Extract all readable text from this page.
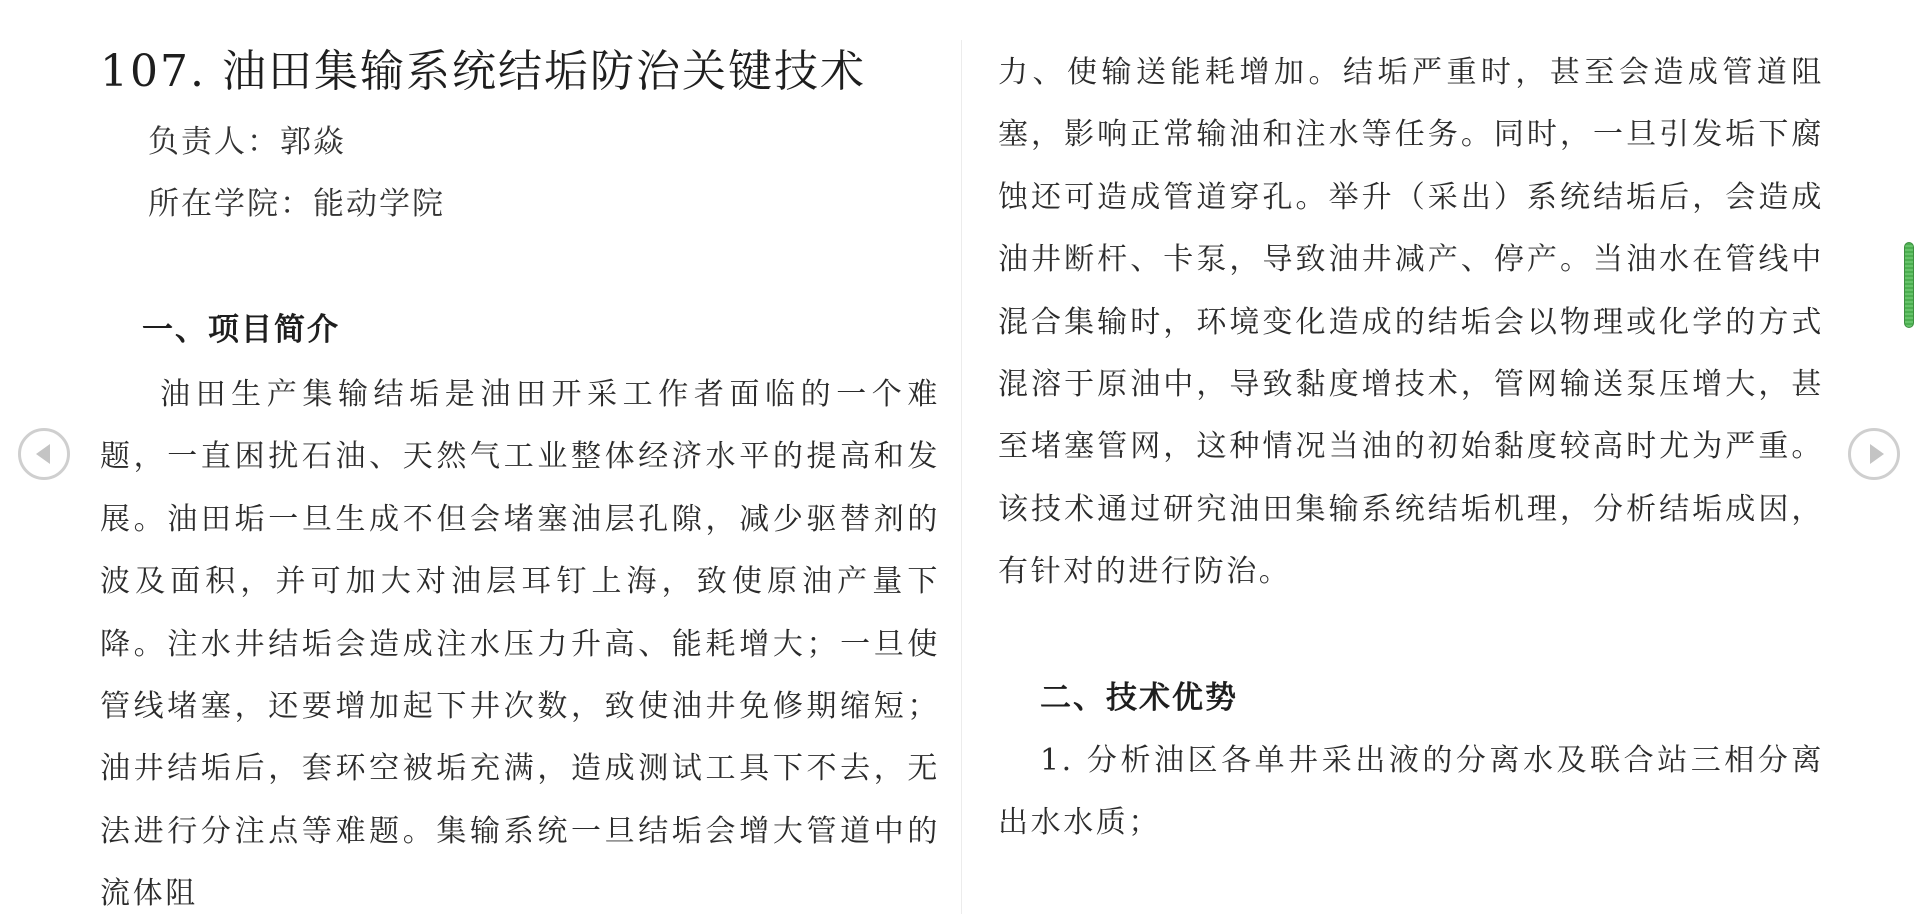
107. 油田集输系统结垢防治关键技术
负责人：郭焱
所在学院：能动学院
一、项目简介

油田生产集输结垢是油田开采工作者面临的一个难题，一直困扰石油、天然气工业整体经济水平的提高和发展。油田垢一旦生成不但会堵塞油层孔隙，减少驱替剂的波及面积，并可加大对油层耳钉上海，致使原油产量下降。注水井结垢会造成注水压力升高、能耗增大；一旦使管线堵塞，还要增加起下井次数，致使油井免修期缩短；油井结垢后，套环空被垢充满，造成测试工具下不去，无法进行分注点等难题。集输系统一旦结垢会增大管道中的流体阻

力、使输送能耗增加。结垢严重时，甚至会造成管道阻塞，影响正常输油和注水等任务。同时，一旦引发垢下腐蚀还可造成管道穿孔。举升（采出）系统结垢后，会造成油井断杆、卡泵，导致油井减产、停产。当油水在管线中混合集输时，环境变化造成的结垢会以物理或化学的方式混溶于原油中，导致黏度增技术，管网输送泵压增大，甚至堵塞管网，这种情况当油的初始黏度较高时尤为严重。该技术通过研究油田集输系统结垢机理，分析结垢成因，有针对的进行防治。

二、技术优势

1. 分析油区各单井采出液的分离水及联合站三相分离出水水质；
